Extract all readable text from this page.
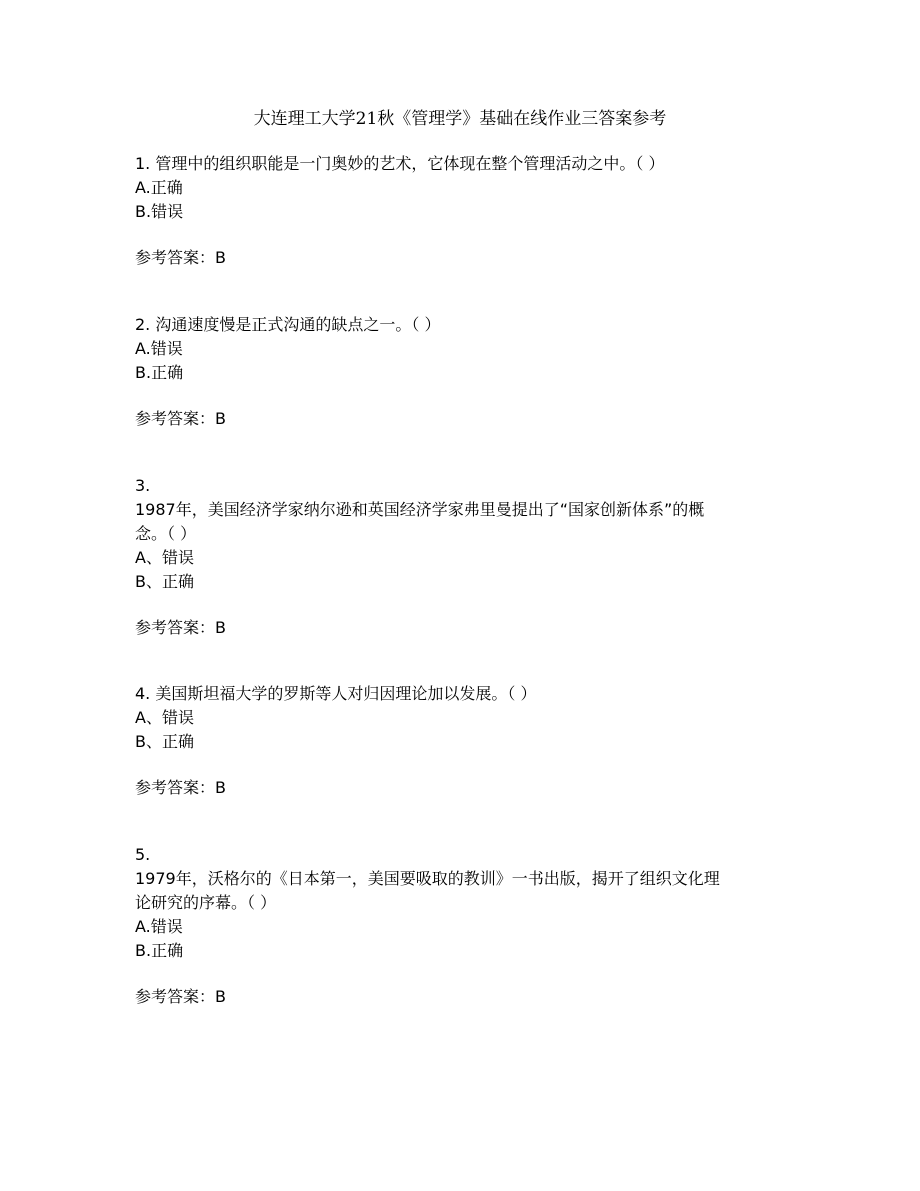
大连理工大学21秋《管理学》基础在线作业三答案参考
1. 管理中的组织职能是一门奥妙的艺术，它体现在整个管理活动之中。（ ）
A.正确
B.错误
参考答案：B
2. 沟通速度慢是正式沟通的缺点之一。（ ）
A.错误
B.正确
参考答案：B
3.
1987年，美国经济学家纳尔逊和英国经济学家弗里曼提出了“国家创新体系”的概
念。（ ）
A、错误
B、正确
参考答案：B
4. 美国斯坦福大学的罗斯等人对归因理论加以发展。（ ）
A、错误
B、正确
参考答案：B
5.
1979年，沃格尔的《日本第一，美国要吸取的教训》一书出版，揭开了组织文化理
论研究的序幕。（ ）
A.错误
B.正确
参考答案：B
